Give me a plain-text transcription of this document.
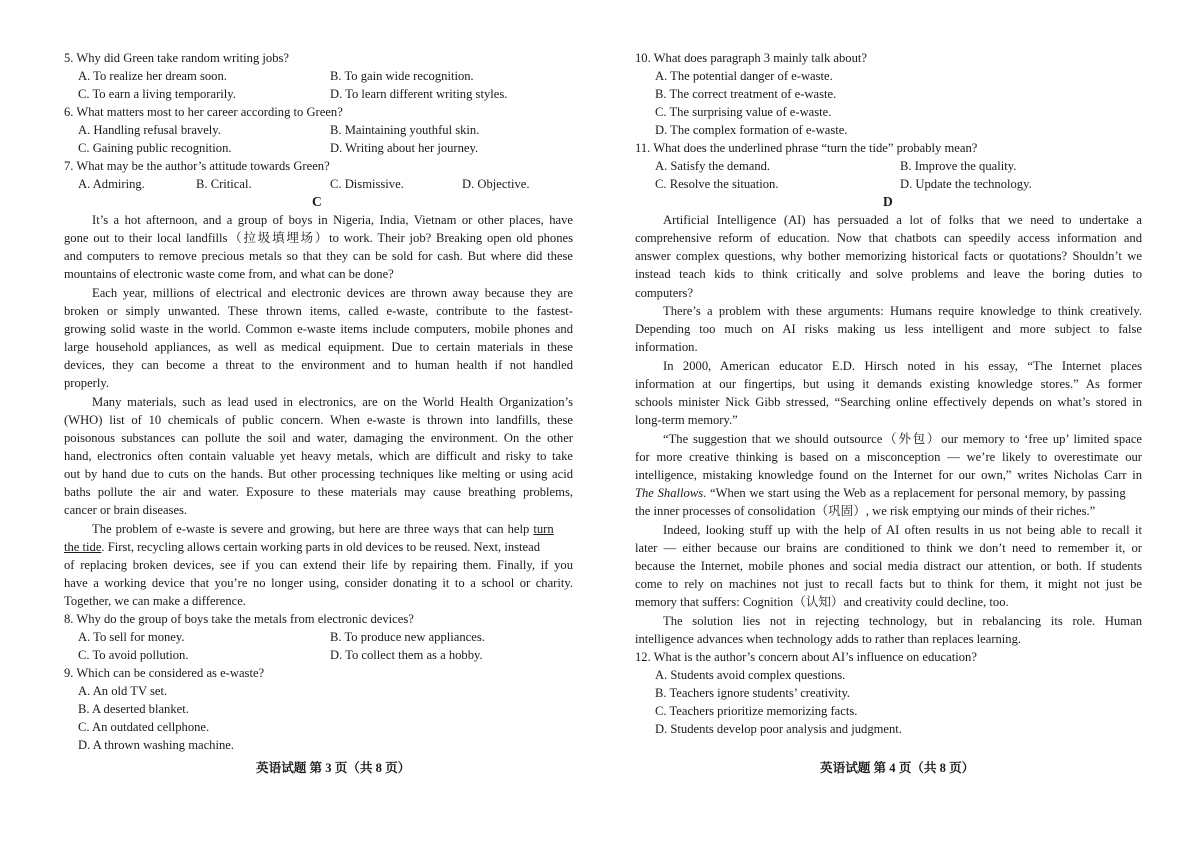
5. Why did Green take random writing jobs?
A. To realize her dream soon.	B. To gain wide recognition.
C. To earn a living temporarily.	D. To learn different writing styles.
6. What matters most to her career according to Green?
A. Handling refusal bravely.	B. Maintaining youthful skin.
C. Gaining public recognition.	D. Writing about her journey.
7. What may be the author’s attitude towards Green?
A. Admiring.	B. Critical.	C. Dismissive.	D. Objective.
C
It’s a hot afternoon, and a group of boys in Nigeria, India, Vietnam or other places, have
gone out to their local landfills（拉圾填埋场）to work. Their job? Breaking open old phones
and computers to remove precious metals so that they can be sold for cash. But where did these
mountains of electronic waste come from, and what can be done?
Each year, millions of electrical and electronic devices are thrown away because they are
broken or simply unwanted. These thrown items, called e-waste, contribute to the fastest-
growing solid waste in the world. Common e-waste items include computers, mobile phones and
large household appliances, as well as medical equipment. Due to certain materials in these
devices, they can become a threat to the environment and to human health if not handled
properly.
Many materials, such as lead used in electronics, are on the World Health Organization’s
(WHO) list of 10 chemicals of public concern. When e-waste is thrown into landfills, these
poisonous substances can pollute the soil and water, damaging the environment. On the other
hand, electronics often contain valuable yet heavy metals, which are difficult and risky to take
out by hand due to cuts on the hands. But other processing techniques like melting or using acid
baths pollute the air and water. Exposure to these materials may cause breathing problems,
cancer or brain diseases.
The problem of e-waste is severe and growing, but here are three ways that can help turn
the tide. First, recycling allows certain working parts in old devices to be reused. Next, instead
of replacing broken devices, see if you can extend their life by repairing them. Finally, if you
have a working device that you’re no longer using, consider donating it to a school or charity.
Together, we can make a difference.
8. Why do the group of boys take the metals from electronic devices?
A. To sell for money.	B. To produce new appliances.
C. To avoid pollution.	D. To collect them as a hobby.
9. Which can be considered as e-waste?
A. An old TV set.
B. A deserted blanket.
C. An outdated cellphone.
D. A thrown washing machine.
英语试题 第 3 页（共 8 页）
10. What does paragraph 3 mainly talk about?
A. The potential danger of e-waste.
B. The correct treatment of e-waste.
C. The surprising value of e-waste.
D. The complex formation of e-waste.
11. What does the underlined phrase “turn the tide” probably mean?
A. Satisfy the demand.	B. Improve the quality.
C. Resolve the situation.	D. Update the technology.
D
Artificial Intelligence (AI) has persuaded a lot of folks that we need to undertake a
comprehensive reform of education. Now that chatbots can speedily access information and
answer complex questions, why bother memorizing historical facts or quotations? Shouldn’t we
instead teach kids to think critically and solve problems and leave the boring duties to
computers?
There’s a problem with these arguments: Humans require knowledge to think creatively.
Depending too much on AI risks making us less intelligent and more subject to false
information.
In 2000, American educator E.D. Hirsch noted in his essay, “The Internet places
information at our fingertips, but using it demands existing knowledge stores.” As former
schools minister Nick Gibb stressed, “Searching online effectively depends on what’s stored in
long-term memory.”
“The suggestion that we should outsource（外包）our memory to ‘free up’ limited space
for more creative thinking is based on a misconception — we’re likely to overestimate our
intelligence, mistaking knowledge found on the Internet for our own,” writes Nicholas Carr in
The Shallows. “When we start using the Web as a replacement for personal memory, by passing
the inner processes of consolidation（巩固）, we risk emptying our minds of their riches.”
Indeed, looking stuff up with the help of AI often results in us not being able to recall it
later — either because our brains are conditioned to think we don’t need to remember it, or
because the Internet, mobile phones and social media distract our attention, or both. If students
come to rely on machines not just to recall facts but to think for them, it might not just be
memory that suffers: Cognition（认知）and creativity could decline, too.
The solution lies not in rejecting technology, but in rebalancing its role. Human
intelligence advances when technology adds to rather than replaces learning.
12. What is the author’s concern about AI’s influence on education?
A. Students avoid complex questions.
B. Teachers ignore students’ creativity.
C. Teachers prioritize memorizing facts.
D. Students develop poor analysis and judgment.
英语试题 第 4 页（共 8 页）
